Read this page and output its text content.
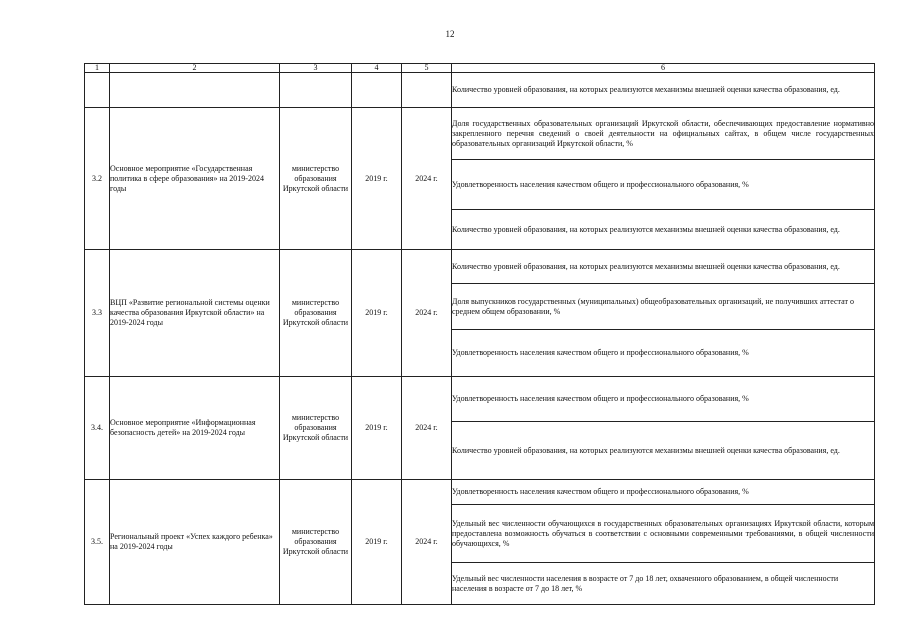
12
1	2	3	4	5	6
					Количество уровней образования, на которых реализуются механизмы внешней оценки качества образования, ед.
3.2	Основное мероприятие «Государственная политика в сфере образования» на 2019-2024 годы	министерство образования Иркутской области	2019 г.	2024 г.	Доля государственных образовательных организаций Иркутской области, обеспечивающих предоставление нормативно закрепленного перечня сведений о своей деятельности на официальных сайтах, в общем числе государственных образовательных организаций Иркутской области, %
					Удовлетворенность населения качеством общего и профессионального образования, %
					Количество уровней образования, на которых реализуются механизмы внешней оценки качества образования, ед.
3.3	ВЦП «Развитие региональной системы оценки качества образования Иркутской области» на 2019-2024 годы	министерство образования Иркутской области	2019 г.	2024 г.	Количество уровней образования, на которых реализуются механизмы внешней оценки качества образования, ед.
					Доля выпускников государственных (муниципальных) общеобразовательных организаций, не получивших аттестат о среднем общем образовании, %
					Удовлетворенность населения качеством общего и профессионального образования, %
3.4.	Основное мероприятие «Информационная безопасность детей» на 2019-2024 годы	министерство образования Иркутской области	2019 г.	2024 г.	Удовлетворенность населения качеством общего и профессионального образования, %
					Количество уровней образования, на которых реализуются механизмы внешней оценки качества образования, ед.
3.5.	Региональный проект «Успех каждого ребенка» на 2019-2024 годы	министерство образования Иркутской области	2019 г.	2024 г.	Удовлетворенность населения качеством общего и профессионального образования, %
					Удельный вес численности обучающихся в государственных образовательных организациях Иркутской области, которым предоставлена возможность обучаться в соответствии с основными современными требованиями, в общей численности обучающихся, %
					Удельный вес численности населения в возрасте от 7 до 18 лет, охваченного образованием, в общей численности населения в возрасте от 7 до 18 лет, %
